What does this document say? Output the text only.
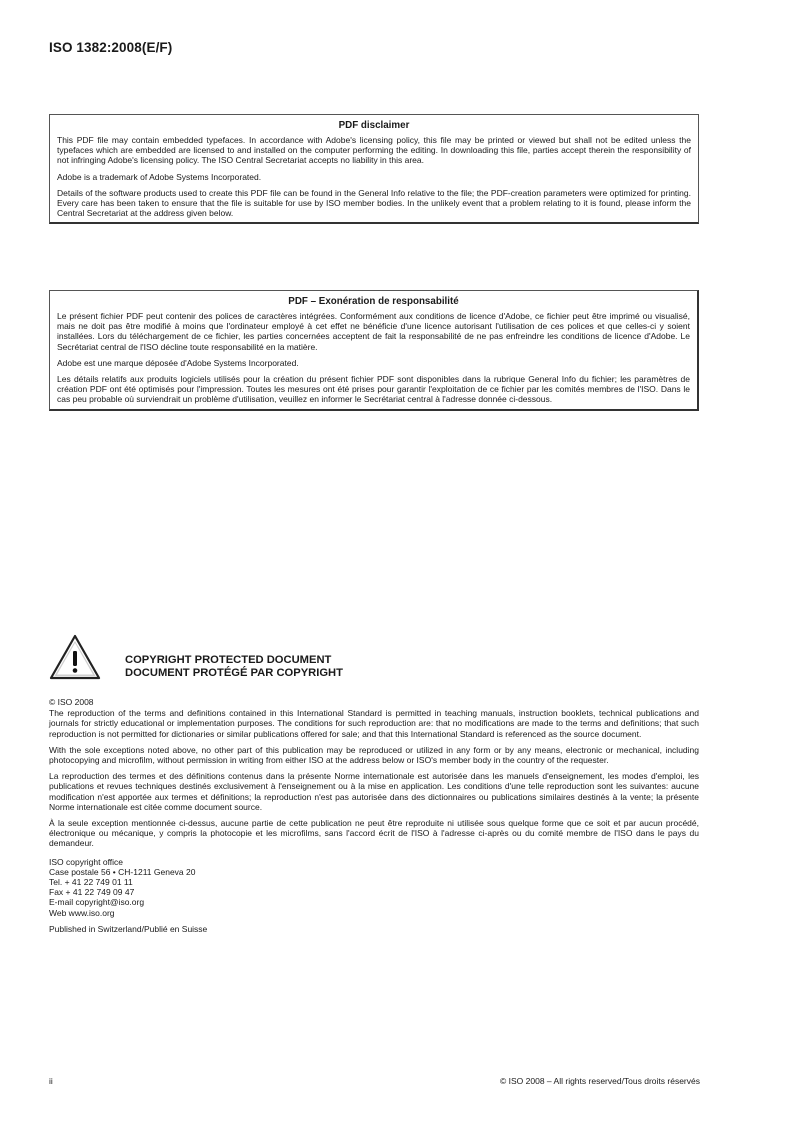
ISO 1382:2008(E/F)
PDF disclaimer

This PDF file may contain embedded typefaces. In accordance with Adobe's licensing policy, this file may be printed or viewed but shall not be edited unless the typefaces which are embedded are licensed to and installed on the computer performing the editing. In downloading this file, parties accept therein the responsibility of not infringing Adobe's licensing policy. The ISO Central Secretariat accepts no liability in this area.

Adobe is a trademark of Adobe Systems Incorporated.

Details of the software products used to create this PDF file can be found in the General Info relative to the file; the PDF-creation parameters were optimized for printing. Every care has been taken to ensure that the file is suitable for use by ISO member bodies. In the unlikely event that a problem relating to it is found, please inform the Central Secretariat at the address given below.

PDF – Exonération de responsabilité

Le présent fichier PDF peut contenir des polices de caractères intégrées. Conformément aux conditions de licence d'Adobe, ce fichier peut être imprimé ou visualisé, mais ne doit pas être modifié à moins que l'ordinateur employé à cet effet ne bénéficie d'une licence autorisant l'utilisation de ces polices et que celles-ci y soient installées. Lors du téléchargement de ce fichier, les parties concernées acceptent de fait la responsabilité de ne pas enfreindre les conditions de licence d'Adobe. Le Secrétariat central de l'ISO décline toute responsabilité en la matière.

Adobe est une marque déposée d'Adobe Systems Incorporated.

Les détails relatifs aux produits logiciels utilisés pour la création du présent fichier PDF sont disponibles dans la rubrique General Info du fichier; les paramètres de création PDF ont été optimisés pour l'impression. Toutes les mesures ont été prises pour garantir l'exploitation de ce fichier par les comités membres de l'ISO. Dans le cas peu probable où surviendrait un problème d'utilisation, veuillez en informer le Secrétariat central à l'adresse donnée ci-dessous.

COPYRIGHT PROTECTED DOCUMENT
DOCUMENT PROTÉGÉ PAR COPYRIGHT

© ISO 2008

The reproduction of the terms and definitions contained in this International Standard is permitted in teaching manuals, instruction booklets, technical publications and journals for strictly educational or implementation purposes. The conditions for such reproduction are: that no modifications are made to the terms and definitions; that such reproduction is not permitted for dictionaries or similar publications offered for sale; and that this International Standard is referenced as the source document.

With the sole exceptions noted above, no other part of this publication may be reproduced or utilized in any form or by any means, electronic or mechanical, including photocopying and microfilm, without permission in writing from either ISO at the address below or ISO's member body in the country of the requester.

La reproduction des termes et des définitions contenus dans la présente Norme internationale est autorisée dans les manuels d'enseignement, les modes d'emploi, les publications et revues techniques destinés exclusivement à l'enseignement ou à la mise en application. Les conditions d'une telle reproduction sont les suivantes: aucune modification n'est apportée aux termes et définitions; la reproduction n'est pas autorisée dans des dictionnaires ou publications similaires destinés à la vente; la présente Norme internationale est citée comme document source.

À la seule exception mentionnée ci-dessus, aucune partie de cette publication ne peut être reproduite ni utilisée sous quelque forme que ce soit et par aucun procédé, électronique ou mécanique, y compris la photocopie et les microfilms, sans l'accord écrit de l'ISO à l'adresse ci-après ou du comité membre de l'ISO dans le pays du demandeur.

ISO copyright office
Case postale 56 • CH-1211 Geneva 20
Tel. + 41 22 749 01 11
Fax + 41 22 749 09 47
E-mail copyright@iso.org
Web www.iso.org
Published in Switzerland/Publié en Suisse
ii	© ISO 2008 – All rights reserved/Tous droits réservés
